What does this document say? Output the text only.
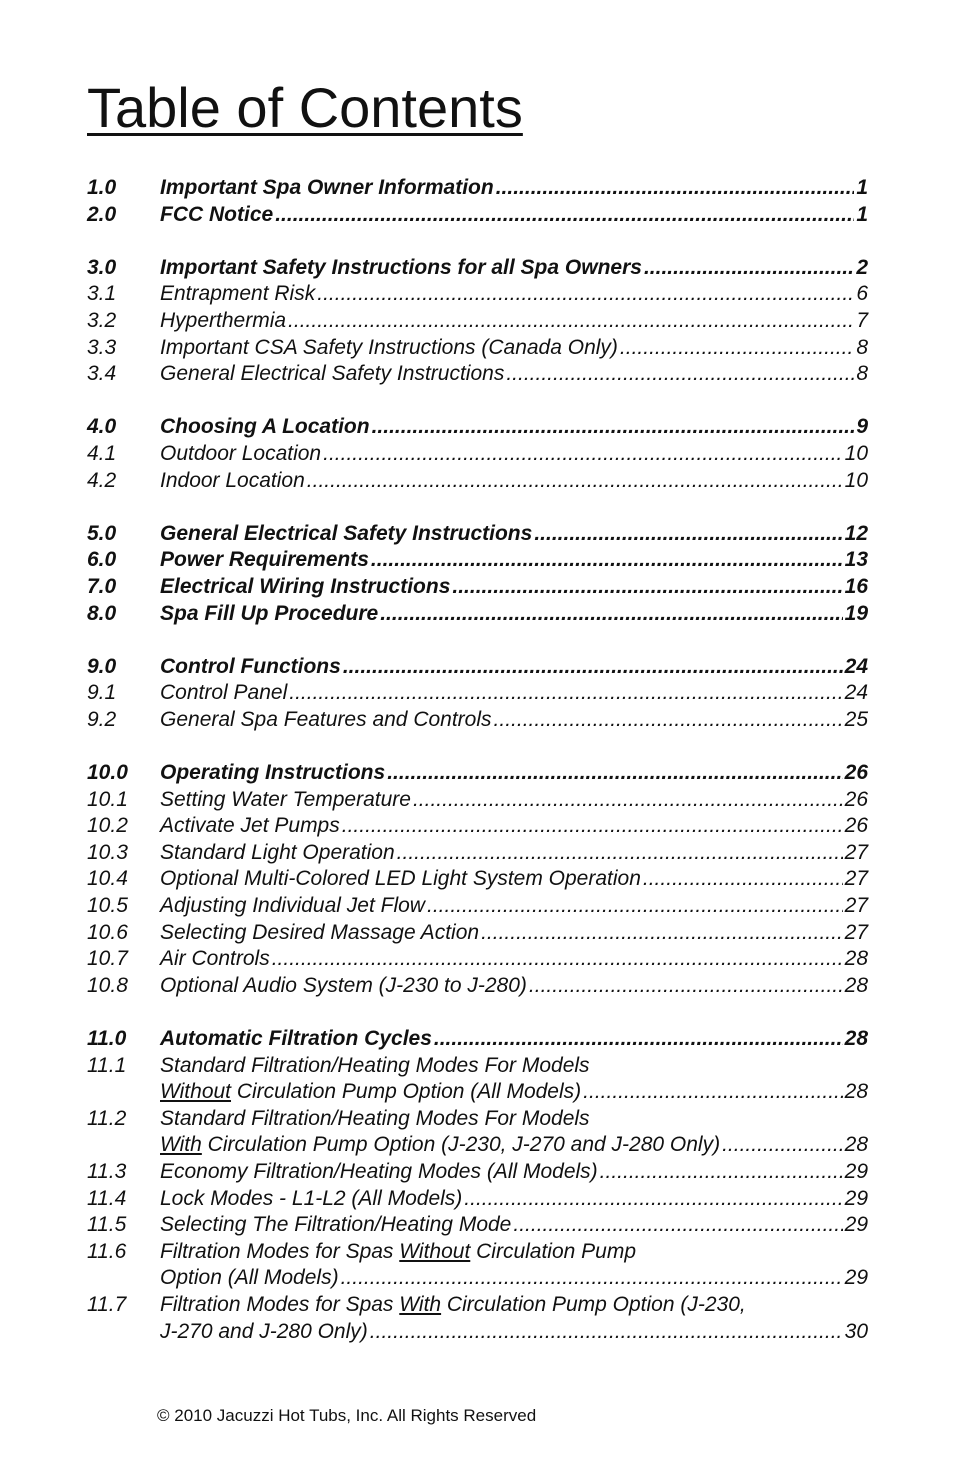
Table of Contents
1.0	Important Spa Owner Information .....	1
2.0	FCC Notice .....	1
3.0	Important Safety Instructions for all Spa Owners .....	2
3.1	Entrapment Risk .....	6
3.2	Hyperthermia .....	7
3.3	Important CSA Safety Instructions (Canada Only) .....	8
3.4	General Electrical Safety Instructions .....	8
4.0	Choosing A Location .....	9
4.1	Outdoor Location .....	10
4.2	Indoor Location .....	10
5.0	General Electrical Safety Instructions .....	12
6.0	Power Requirements .....	13
7.0	Electrical Wiring Instructions .....	16
8.0	Spa Fill Up Procedure .....	19
9.0	Control Functions .....	24
9.1	Control Panel .....	24
9.2	General Spa Features and Controls .....	25
10.0	Operating Instructions .....	26
10.1	Setting Water Temperature .....	26
10.2	Activate Jet Pumps .....	26
10.3	Standard Light Operation .....	27
10.4	Optional Multi-Colored LED Light System Operation .....	27
10.5	Adjusting Individual Jet Flow .....	27
10.6	Selecting Desired Massage Action .....	27
10.7	Air Controls .....	28
10.8	Optional Audio System (J-230 to J-280) .....	28
11.0	Automatic Filtration Cycles .....	28
11.1	Standard Filtration/Heating Modes For Models
Without Circulation Pump Option (All Models) .....	28
11.2	Standard Filtration/Heating Modes For Models
With Circulation Pump Option (J-230, J-270 and J-280 Only) .....	28
11.3	Economy Filtration/Heating Modes (All Models) .....	29
11.4	Lock Modes - L1-L2 (All Models) .....	29
11.5	Selecting The Filtration/Heating Mode .....	29
11.6	Filtration Modes for Spas Without Circulation Pump
Option (All Models) .....	29
11.7	Filtration Modes for Spas With Circulation Pump Option (J-230,
J-270 and J-280 Only) .....	30
© 2010 Jacuzzi Hot Tubs, Inc. All Rights Reserved
